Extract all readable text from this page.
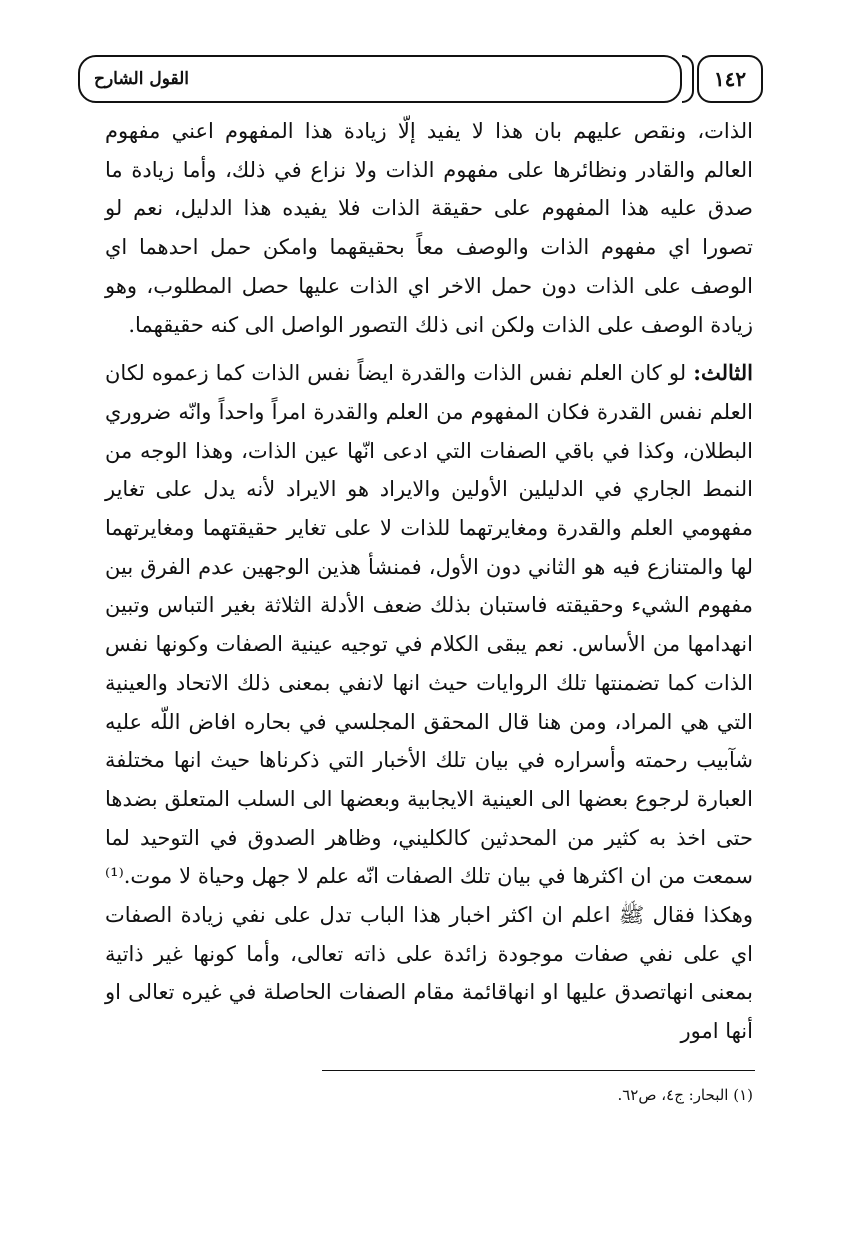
القول الشارح	١٤٢

الذات، ونقص عليهم بان هذا لا يفيد إلّا زيادة هذا المفهوم اعني مفهوم العالم والقادر ونظائرها على مفهوم الذات ولا نزاع في ذلك، وأما زيادة ما صدق عليه هذا المفهوم على حقيقة الذات فلا يفيده هذا الدليل، نعم لو تصورا اي مفهوم الذات والوصف معاً بحقيقهما وامكن حمل احدهما اي الوصف على الذات دون حمل الاخر اي الذات عليها حصل المطلوب، وهو زيادة الوصف على الذات ولكن انى ذلك التصور الواصل الى كنه حقيقهما.

الثالث: لو كان العلم نفس الذات والقدرة ايضاً نفس الذات كما زعموه لكان العلم نفس القدرة فكان المفهوم من العلم والقدرة امراً واحداً وانّه ضروري البطلان، وكذا في باقي الصفات التي ادعى انّها عين الذات، وهذا الوجه من النمط الجاري في الدليلين الأولين والايراد هو الايراد لأنه يدل على تغاير مفهومي العلم والقدرة ومغايرتهما للذات لا على تغاير حقيقتهما ومغايرتهما لها والمتنازع فيه هو الثاني دون الأول، فمنشأ هذين الوجهين عدم الفرق بين مفهوم الشيء وحقيقته فاستبان بذلك ضعف الأدلة الثلاثة بغير التباس وتبين انهدامها من الأساس. نعم يبقى الكلام في توجيه عينية الصفات وكونها نفس الذات كما تضمنتها تلك الروايات حيث انها لانفي بمعنى ذلك الاتحاد والعينية التي هي المراد، ومن هنا قال المحقق المجلسي في بحاره افاض اللّه عليه شآبيب رحمته وأسراره في بيان تلك الأخبار التي ذكرناها حيث انها مختلفة العبارة لرجوع بعضها الى العينية الايجابية وبعضها الى السلب المتعلق بضدها حتى اخذ به كثير من المحدثين كالكليني، وظاهر الصدوق في التوحيد لما سمعت من ان اكثرها في بيان تلك الصفات انّه علم لا جهل وحياة لا موت.⁽¹⁾ وهكذا فقال ﷺ اعلم ان اكثر اخبار هذا الباب تدل على نفي زيادة الصفات اي على نفي صفات موجودة زائدة على ذاته تعالى، وأما كونها غير ذاتية بمعنى انهاتصدق عليها او انهاقائمة مقام الصفات الحاصلة في غيره تعالى او أنها امور

(١) البحار: ج٤، ص٦٢.
